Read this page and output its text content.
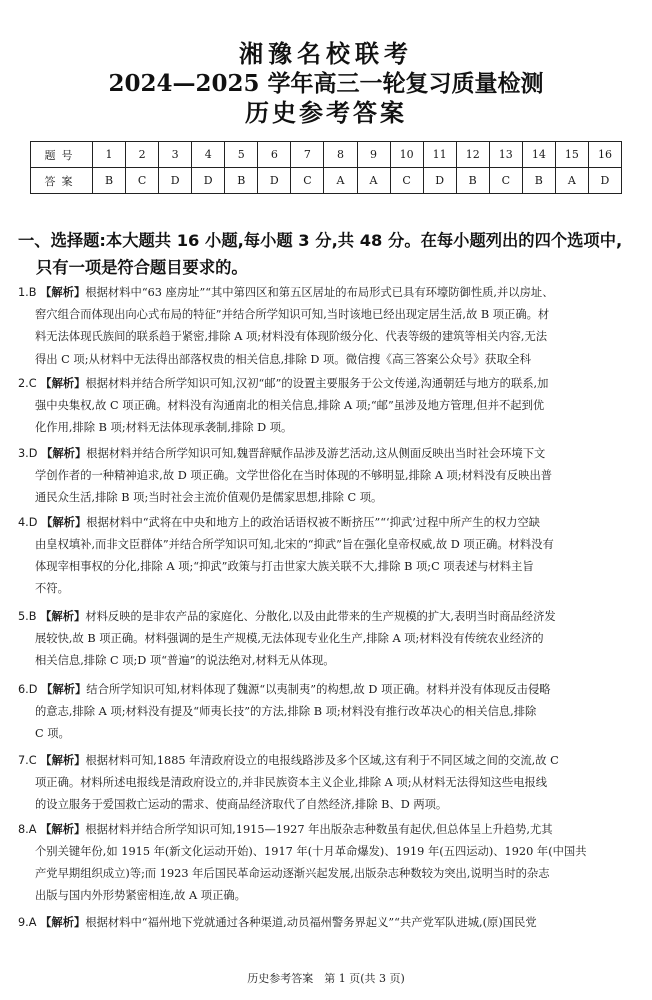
湘豫名校联考
2024—2025 学年高三一轮复习质量检测
历史参考答案
题号	1	2	3	4	5	6	7	8	9	10	11	12	13	14	15	16
答案	B	C	D	D	B	D	C	A	A	C	D	B	C	B	A	D
一、选择题:本大题共 16 小题,每小题 3 分,共 48 分。在每小题列出的四个选项中,
只有一项是符合题目要求的。
1.B 【解析】根据材料中“63 座房址”“其中第四区和第五区居址的布局形式已具有环壕防御性质,并以房址、
窖穴组合而体现出向心式布局的特征”并结合所学知识可知,当时该地已经出现定居生活,故 B 项正确。材
料无法体现氏族间的联系趋于紧密,排除 A 项;材料没有体现阶级分化、代表等级的建筑等相关内容,无法
得出 C 项;从材料中无法得出部落权贵的相关信息,排除 D 项。微信搜《高三答案公众号》获取全科
2.C 【解析】根据材料并结合所学知识可知,汉初“邮”的设置主要服务于公文传递,沟通朝廷与地方的联系,加
强中央集权,故 C 项正确。材料没有沟通南北的相关信息,排除 A 项;“邮”虽涉及地方管理,但并不起到优
化作用,排除 B 项;材料无法体现承袭制,排除 D 项。
3.D 【解析】根据材料并结合所学知识可知,魏晋辞赋作品涉及游艺活动,这从侧面反映出当时社会环境下文
学创作者的一种精神追求,故 D 项正确。文学世俗化在当时体现的不够明显,排除 A 项;材料没有反映出普
通民众生活,排除 B 项;当时社会主流价值观仍是儒家思想,排除 C 项。
4.D 【解析】根据材料中“武将在中央和地方上的政治话语权被不断挤压”“‘抑武’过程中所产生的权力空缺
由皇权填补,而非文臣群体”并结合所学知识可知,北宋的“抑武”旨在强化皇帝权威,故 D 项正确。材料没有
体现宰相事权的分化,排除 A 项;“抑武”政策与打击世家大族关联不大,排除 B 项;C 项表述与材料主旨
不符。
5.B 【解析】材料反映的是非农产品的家庭化、分散化,以及由此带来的生产规模的扩大,表明当时商品经济发
展较快,故 B 项正确。材料强调的是生产规模,无法体现专业化生产,排除 A 项;材料没有传统农业经济的
相关信息,排除 C 项;D 项“普遍”的说法绝对,材料无从体现。
6.D 【解析】结合所学知识可知,材料体现了魏源“以夷制夷”的构想,故 D 项正确。材料并没有体现反击侵略
的意志,排除 A 项;材料没有提及“师夷长技”的方法,排除 B 项;材料没有推行改革决心的相关信息,排除
C 项。
7.C 【解析】根据材料可知,1885 年清政府设立的电报线路涉及多个区域,这有利于不同区域之间的交流,故 C
项正确。材料所述电报线是清政府设立的,并非民族资本主义企业,排除 A 项;从材料无法得知这些电报线
的设立服务于爱国救亡运动的需求、使商品经济取代了自然经济,排除 B、D 两项。
8.A 【解析】根据材料并结合所学知识可知,1915—1927 年出版杂志种数虽有起伏,但总体呈上升趋势,尤其
个别关键年份,如 1915 年(新文化运动开始)、1917 年(十月革命爆发)、1919 年(五四运动)、1920 年(中国共
产党早期组织成立)等;而 1923 年后国民革命运动逐渐兴起发展,出版杂志种数较为突出,说明当时的杂志
出版与国内外形势紧密相连,故 A 项正确。
9.A 【解析】根据材料中“福州地下党就通过各种渠道,动员福州警务界起义”“共产党军队进城,(原)国民党
历史参考答案　第 1 页(共 3 页)
